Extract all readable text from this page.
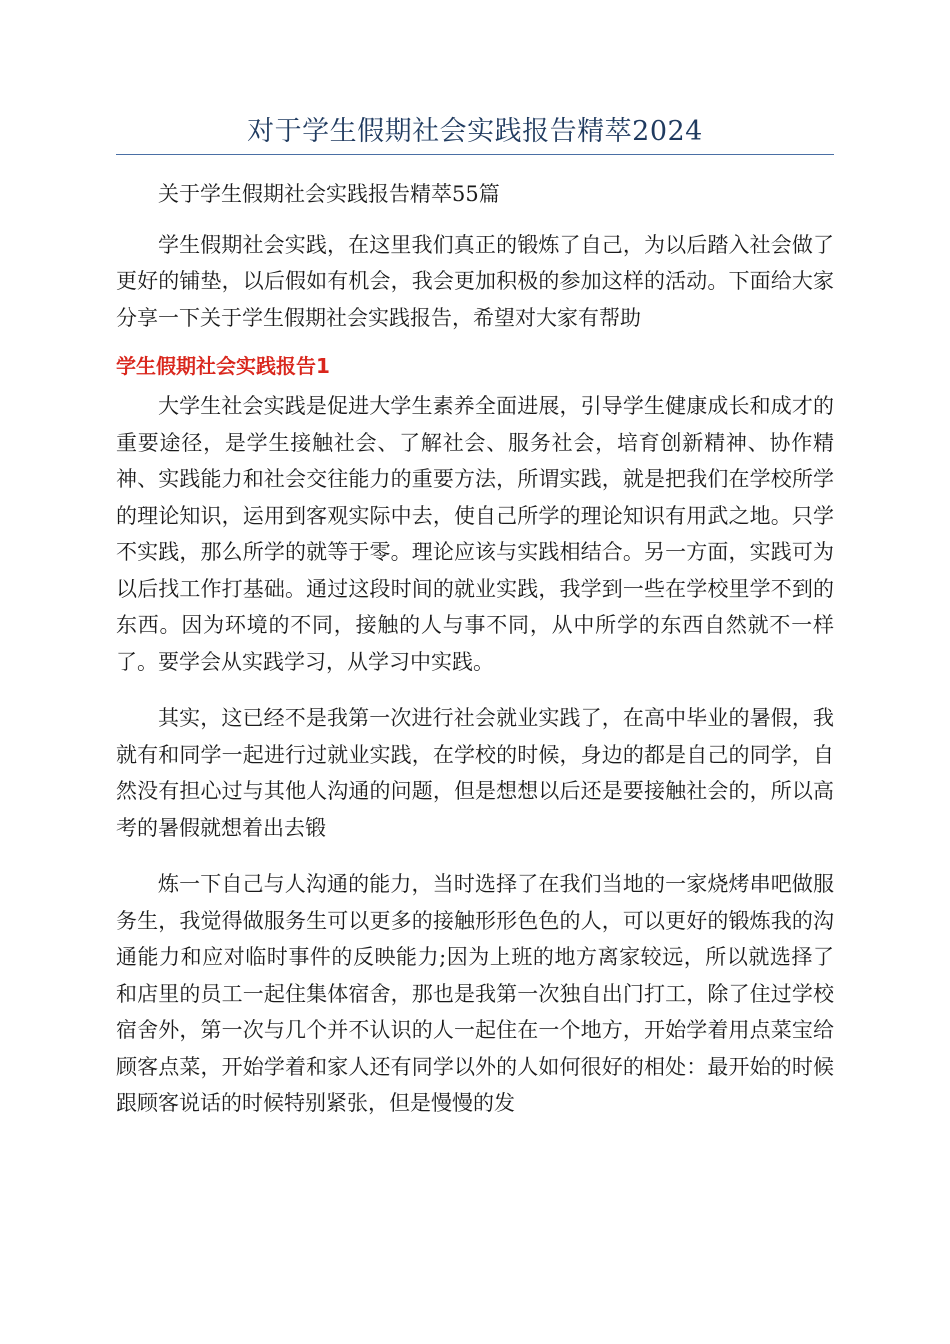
对于学生假期社会实践报告精萃2024

关于学生假期社会实践报告精萃55篇

学生假期社会实践，在这里我们真正的锻炼了自己，为以后踏入社会做了更好的铺垫，以后假如有机会，我会更加积极的参加这样的活动。下面给大家分享一下关于学生假期社会实践报告，希望对大家有帮助

学生假期社会实践报告1

大学生社会实践是促进大学生素养全面进展，引导学生健康成长和成才的重要途径，是学生接触社会、了解社会、服务社会，培育创新精神、协作精神、实践能力和社会交往能力的重要方法，所谓实践，就是把我们在学校所学的理论知识，运用到客观实际中去，使自己所学的理论知识有用武之地。只学不实践，那么所学的就等于零。理论应该与实践相结合。另一方面，实践可为以后找工作打基础。通过这段时间的就业实践，我学到一些在学校里学不到的东西。因为环境的不同，接触的人与事不同，从中所学的东西自然就不一样了。要学会从实践学习，从学习中实践。

其实，这已经不是我第一次进行社会就业实践了，在高中毕业的暑假，我就有和同学一起进行过就业实践，在学校的时候，身边的都是自己的同学，自然没有担心过与其他人沟通的问题，但是想想以后还是要接触社会的，所以高考的暑假就想着出去锻

炼一下自己与人沟通的能力，当时选择了在我们当地的一家烧烤串吧做服务生，我觉得做服务生可以更多的接触形形色色的人，可以更好的锻炼我的沟通能力和应对临时事件的反映能力;因为上班的地方离家较远，所以就选择了和店里的员工一起住集体宿舍，那也是我第一次独自出门打工，除了住过学校宿舍外，第一次与几个并不认识的人一起住在一个地方，开始学着用点菜宝给顾客点菜，开始学着和家人还有同学以外的人如何很好的相处：最开始的时候跟顾客说话的时候特别紧张，但是慢慢的发
